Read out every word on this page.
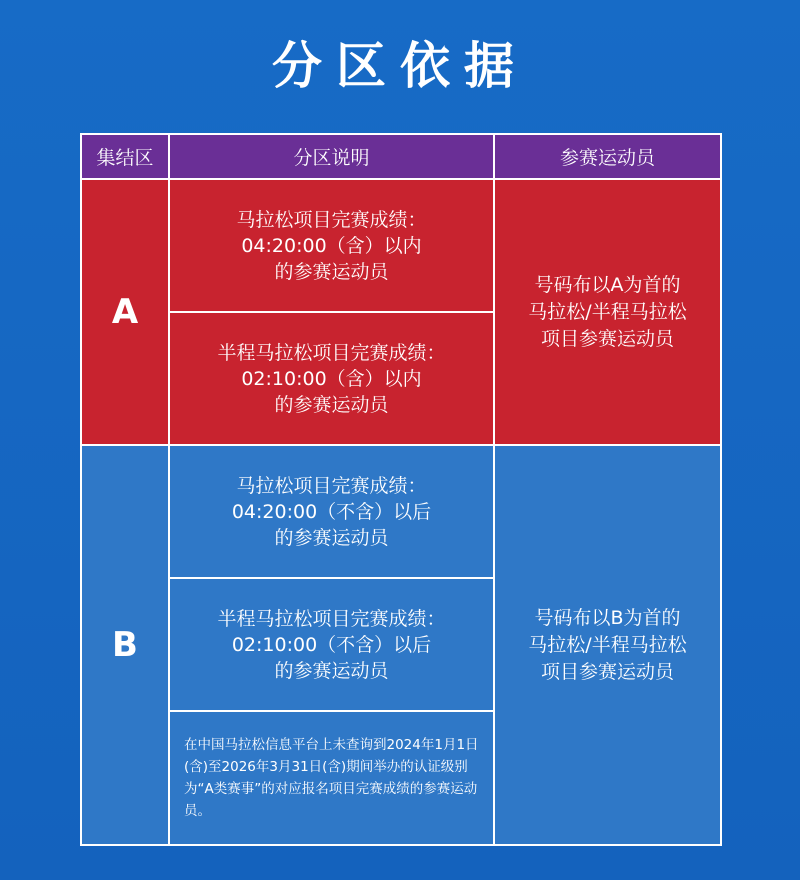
分区依据
集结区	分区说明	参赛运动员
A	马拉松项目完赛成绩：
04:20:00（含）以内
的参赛运动员	号码布以A为首的
马拉松/半程马拉松
项目参赛运动员

	半程马拉松项目完赛成绩：
02:10:00（含）以内
的参赛运动员	

B	马拉松项目完赛成绩：
04:20:00（不含）以后
的参赛运动员	号码布以B为首的
马拉松/半程马拉松
项目参赛运动员

	半程马拉松项目完赛成绩：
02:10:00（不含）以后
的参赛运动员	

	在中国马拉松信息平台上未查询到2024年1月1日(含)至2026年3月31日(含)期间举办的认证级别为“A类赛事”的对应报名项目完赛成绩的参赛运动员。	
